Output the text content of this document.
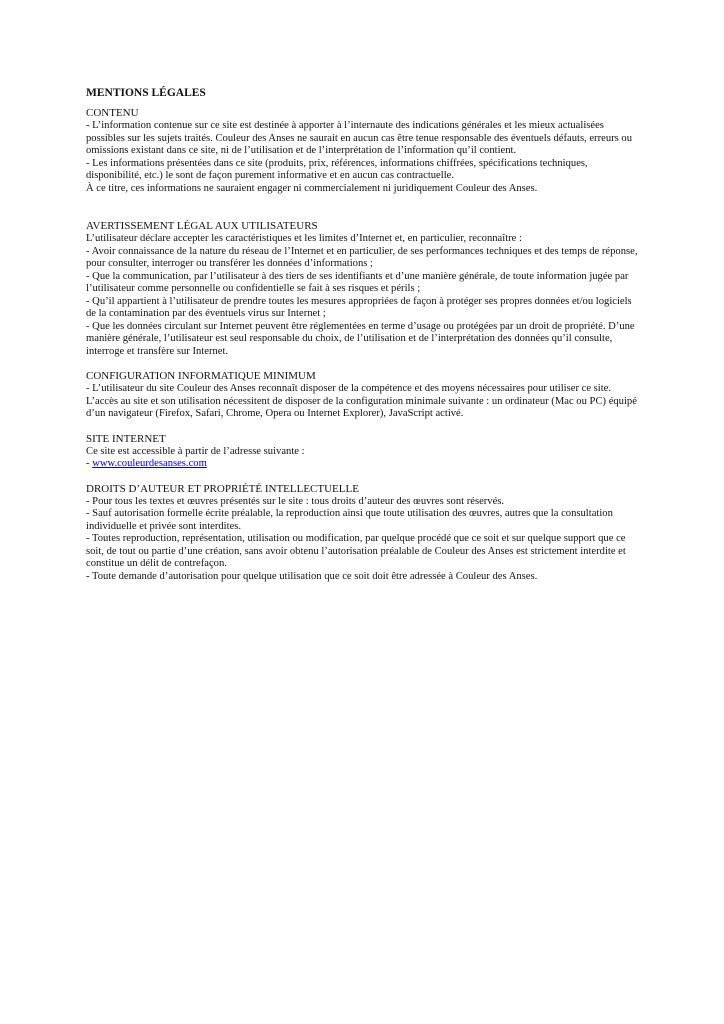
MENTIONS LÉGALES
CONTENU

- L’information contenue sur ce site est destinée à apporter à l’internaute des indications générales et les mieux actualisées possibles sur les sujets traités. Couleur des Anses ne saurait en aucun cas être tenue responsable des éventuels défauts, erreurs ou omissions existant dans ce site, ni de l’utilisation et de l’interprétation de l’information qu’il contient.

- Les informations présentées dans ce site (produits, prix, références, informations chiffrées, spécifications techniques, disponibilité, etc.) le sont de façon purement informative et en aucun cas contractuelle.

À ce titre, ces informations ne sauraient engager ni commercialement ni juridiquement Couleur des Anses.

AVERTISSEMENT LÉGAL AUX UTILISATEURS

L’utilisateur déclare accepter les caractéristiques et les limites d’Internet et, en particulier, reconnaître :

- Avoir connaissance de la nature du réseau de l’Internet et en particulier, de ses performances techniques et des temps de réponse, pour consulter, interroger ou transférer les données d’informations ;

- Que la communication, par l’utilisateur à des tiers de ses identifiants et d’une manière générale, de toute information jugée par l’utilisateur comme personnelle ou confidentielle se fait à ses risques et périls ;

- Qu’il appartient à l’utilisateur de prendre toutes les mesures appropriées de façon à protéger ses propres données et/ou logiciels de la contamination par des éventuels virus sur Internet ;

- Que les données circulant sur Internet peuvent être réglementées en terme d’usage ou protégées par un droit de propriété. D’une manière générale, l’utilisateur est seul responsable du choix, de l’utilisation et de l’interprétation des données qu’il consulte, interroge et transfère sur Internet.

CONFIGURATION INFORMATIQUE MINIMUM

- L’utilisateur du site Couleur des Anses reconnaît disposer de la compétence et des moyens nécessaires pour utiliser ce site. L’accès au site et son utilisation nécessitent de disposer de la configuration minimale suivante : un ordinateur (Mac ou PC) équipé d’un navigateur (Firefox, Safari, Chrome, Opera ou Internet Explorer), JavaScript activé.

SITE INTERNET

Ce site est accessible à partir de l’adresse suivante :

- www.couleurdesanses.com

DROITS D’AUTEUR ET PROPRIÉTÉ INTELLECTUELLE

- Pour tous les textes et œuvres présentés sur le site : tous droits d’auteur des œuvres sont réservés.

- Sauf autorisation formelle écrite préalable, la reproduction ainsi que toute utilisation des œuvres, autres que la consultation individuelle et privée sont interdites.

- Toutes reproduction, représentation, utilisation ou modification, par quelque procédé que ce soit et sur quelque support que ce soit, de tout ou partie d’une création, sans avoir obtenu l’autorisation préalable de Couleur des Anses est strictement interdite et constitue un délit de contrefaçon.

- Toute demande d’autorisation pour quelque utilisation que ce soit doit être adressée à Couleur des Anses.
